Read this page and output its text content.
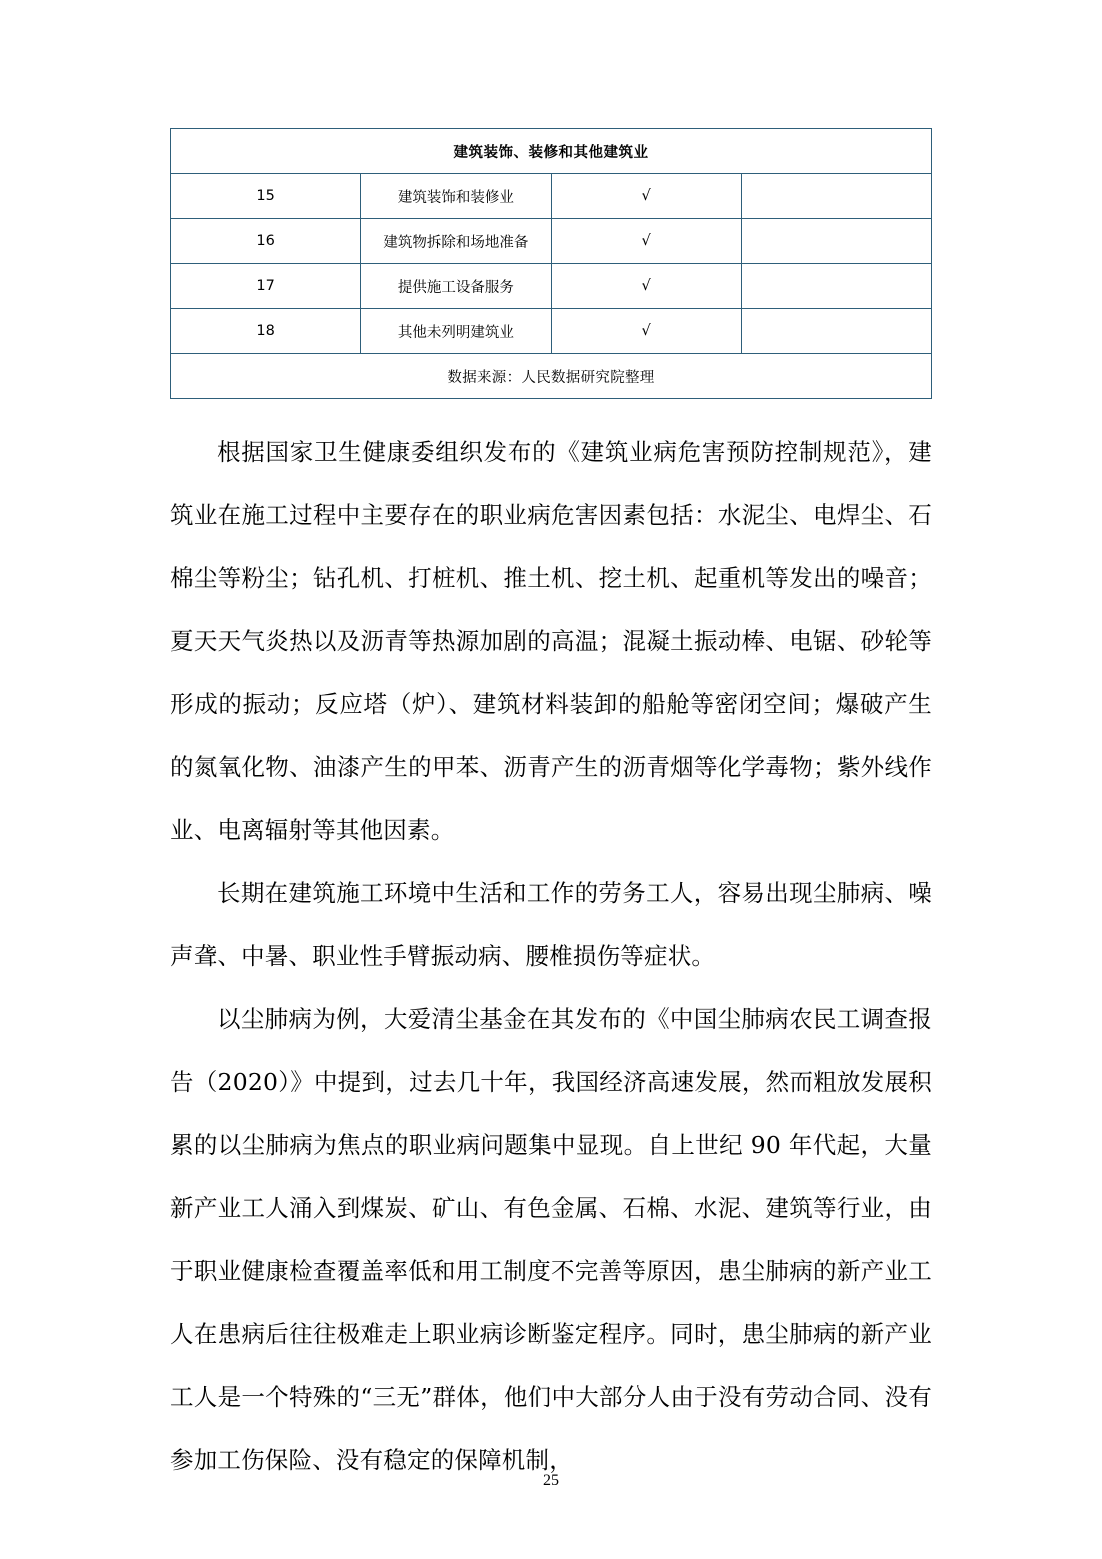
建筑装饰、装修和其他建筑业			
15	建筑装饰和装修业	√	
16	建筑物拆除和场地准备	√	
17	提供施工设备服务	√	
18	其他未列明建筑业	√	
数据来源：人民数据研究院整理			

根据国家卫生健康委组织发布的《建筑业病危害预防控制规范》，建筑业在施工过程中主要存在的职业病危害因素包括：水泥尘、电焊尘、石棉尘等粉尘；钻孔机、打桩机、推土机、挖土机、起重机等发出的噪音；夏天天气炎热以及沥青等热源加剧的高温；混凝土振动棒、电锯、砂轮等形成的振动；反应塔（炉）、建筑材料装卸的船舱等密闭空间；爆破产生的氮氧化物、油漆产生的甲苯、沥青产生的沥青烟等化学毒物；紫外线作业、电离辐射等其他因素。

长期在建筑施工环境中生活和工作的劳务工人，容易出现尘肺病、噪声聋、中暑、职业性手臂振动病、腰椎损伤等症状。

以尘肺病为例，大爱清尘基金在其发布的《中国尘肺病农民工调查报告（2020）》中提到，过去几十年，我国经济高速发展，然而粗放发展积累的以尘肺病为焦点的职业病问题集中显现。自上世纪 90 年代起，大量新产业工人涌入到煤炭、矿山、有色金属、石棉、水泥、建筑等行业，由于职业健康检查覆盖率低和用工制度不完善等原因，患尘肺病的新产业工人在患病后往往极难走上职业病诊断鉴定程序。同时，患尘肺病的新产业工人是一个特殊的“三无”群体，他们中大部分人由于没有劳动合同、没有参加工伤保险、没有稳定的保障机制，

25
